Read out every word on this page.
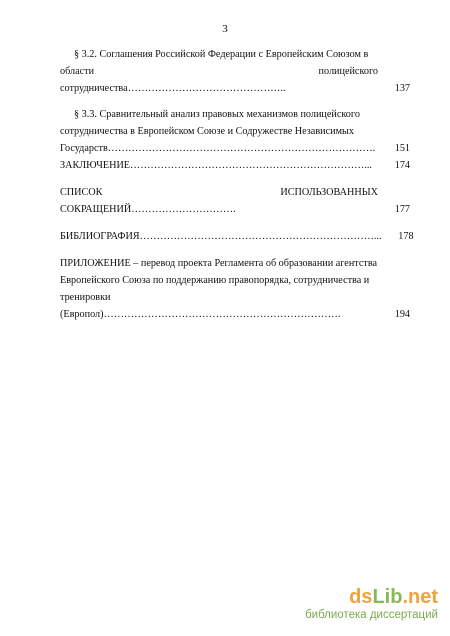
3
§ 3.2. Соглашения Российской Федерации с Европейским Союзом в
области полицейского сотрудничества………………………………………..	137
§ 3.3. Сравнительный анализ правовых механизмов полицейского
сотрудничества в Европейском Союзе и Содружестве Независимых
Государств…………………………………………………………………….	151
ЗАКЛЮЧЕНИЕ……………………………………………………………...	174
СПИСОК ИСПОЛЬЗОВАННЫХ СОКРАЩЕНИЙ………………………….	177
БИБЛИОГРАФИЯ……………………………………………………………...	178
ПРИЛОЖЕНИЕ – перевод проекта Регламента об образовании агентства
Европейского Союза по поддержанию правопорядка, сотрудничества и
тренировки (Европол)…………………………………………………………….	194
dsLib.net
библиотека диссертаций
